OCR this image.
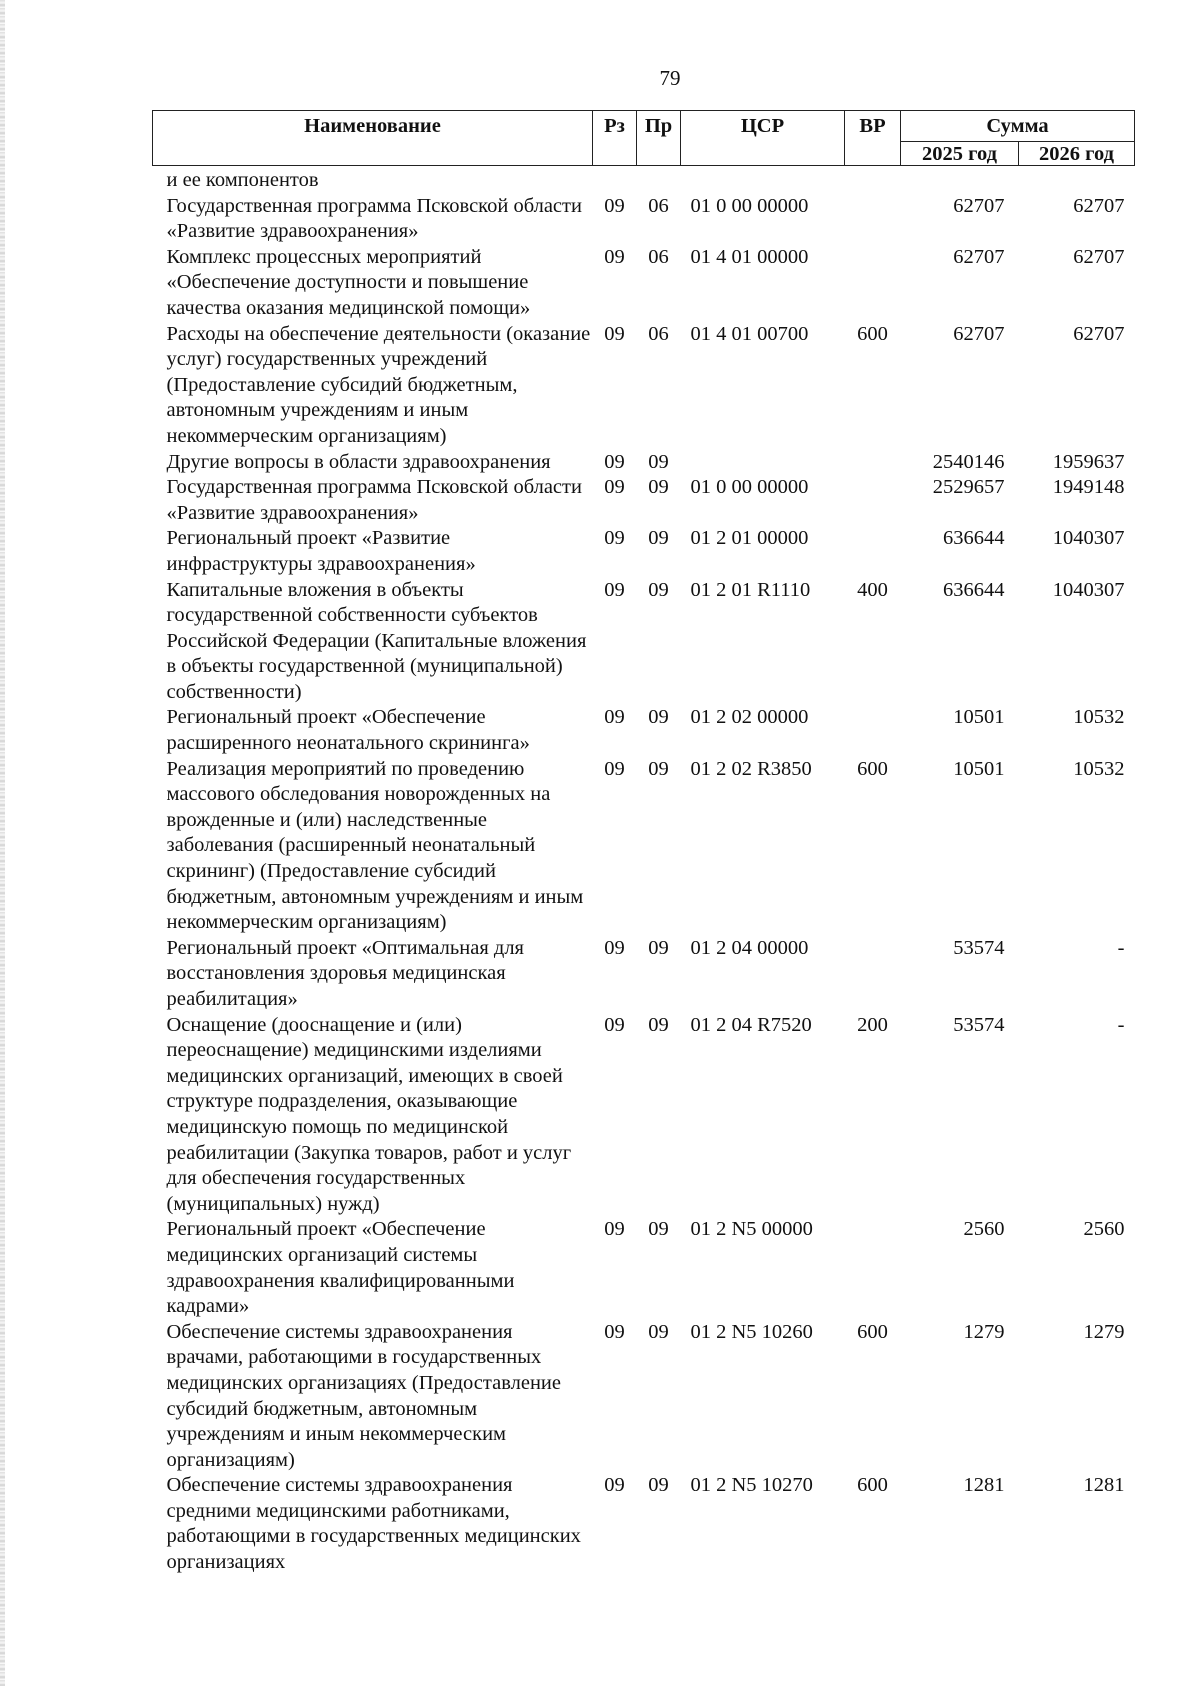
79
Наименование	Рз	Пр	ЦСР	ВР	Сумма	
					2025 год	2026 год
и ее компонентов						
Государственная программа Псковской области «Развитие здравоохранения»	09	06	01 0 00 00000		62707	62707
Комплекс процессных мероприятий «Обеспечение доступности и повышение качества оказания медицинской помощи»	09	06	01 4 01 00000		62707	62707
Расходы на обеспечение деятельности (оказание услуг) государственных учреждений (Предоставление субсидий бюджетным, автономным учреждениям и иным некоммерческим организациям)	09	06	01 4 01 00700	600	62707	62707
Другие вопросы в области здравоохранения	09	09			2540146	1959637
Государственная программа Псковской области «Развитие здравоохранения»	09	09	01 0 00 00000		2529657	1949148
Региональный проект «Развитие инфраструктуры здравоохранения»	09	09	01 2 01 00000		636644	1040307
Капитальные вложения в объекты государственной собственности субъектов Российской Федерации (Капитальные вложения в объекты государственной (муниципальной) собственности)	09	09	01 2 01 R1110	400	636644	1040307
Региональный проект «Обеспечение расширенного неонатального скрининга»	09	09	01 2 02 00000		10501	10532
Реализация мероприятий по проведению массового обследования новорожденных на врожденные и (или) наследственные заболевания (расширенный неонатальный скрининг) (Предоставление субсидий бюджетным, автономным учреждениям и иным некоммерческим организациям)	09	09	01 2 02 R3850	600	10501	10532
Региональный проект «Оптимальная для восстановления здоровья медицинская реабилитация»	09	09	01 2 04 00000		53574	-
Оснащение (дооснащение и (или) переоснащение) медицинскими изделиями медицинских организаций, имеющих в своей структуре подразделения, оказывающие медицинскую помощь по медицинской реабилитации (Закупка товаров, работ и услуг для обеспечения государственных (муниципальных) нужд)	09	09	01 2 04 R7520	200	53574	-
Региональный проект «Обеспечение медицинских организаций системы здравоохранения квалифицированными кадрами»	09	09	01 2 N5 00000		2560	2560
Обеспечение системы здравоохранения врачами, работающими в государственных медицинских организациях (Предоставление субсидий бюджетным, автономным учреждениям и иным некоммерческим организациям)	09	09	01 2 N5 10260	600	1279	1279
Обеспечение системы здравоохранения средними медицинскими работниками, работающими в государственных медицинских организациях	09	09	01 2 N5 10270	600	1281	1281
